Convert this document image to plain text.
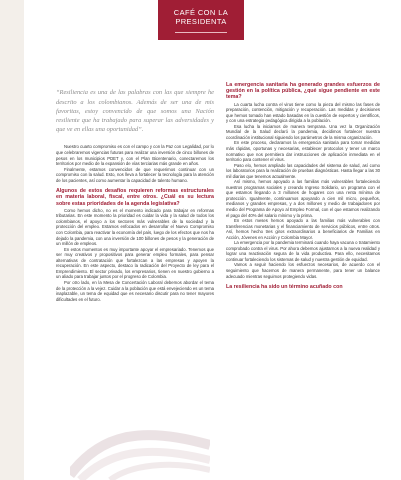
CAFÉ CON LA
PRESIDENTA

“Resiliencia es una de las palabras con las que siempre he descrito a los colombianos. Además de ser una de mis favoritas, estoy convencido de que somos una Nación resiliente que ha trabajado para superar las adversidades y que ve en ellas una oportunidad”.

Nuestro cuarto compromiso es con el campo y con la Paz con Legalidad, por lo que celebraremos vigencias futuras para realizar una inversión de cinco billones de pesos en los municipios PDET y, con el Plan Bicentenario, conectaremos los territorios por medio de la expansión de vías terciarias más grande en años.

Finalmente, estamos convencidos de que requerimos continuar con un compromiso con la salud. Esto, nos lleva a fortalecer la tecnología para la atención de los pacientes, así como aumentar la capacidad de talento humano.

Algunos de estos desafíos requieren reformas estructurales en materia laboral, fiscal, entre otros. ¿Cuál es su lectura sobre estas prioridades de la agenda legislativa?

Como hemos dicho, no es el momento indicado para trabajar en reformas tributarias. En este momento la prioridad es cuidar la vida y la salud de todos los colombianos, el apoyo a los sectores más vulnerables de la sociedad y la protección del empleo. Estamos enfocados en desarrollar el Nuevo Compromiso con Colombia, para reactivar la economía del país, luego de los efectos que nos ha dejado la pandemia, con una inversión de 100 billones de pesos y la generación de un millón de empleos.

En estos momentos es muy importante apoyar el empresariado. Tenemos que ser muy creativos y propositivos para generar empleo formales, para pensar alternativas de contratación que fortalezcan a las empresas y apoyen la recuperación. En este aspecto, destaco la radicación del Proyecto de ley para el Emprendimiento. El sector privado, los empresarios, tienen en nuestro gobierno a un aliado para trabajar juntos por el progreso de Colombia.

Por otro lado, en la Mesa de Concertación Laboral debemos abordar el tema de la protección a la vejez. Cuidar a la población que está envejeciendo es un tema inaplazable, un tema de equidad que es necesario discutir para no tener mayores dificultades en el futuro.

La emergencia sanitaria ha generado grandes esfuerzos de gestión en la política pública, ¿qué sigue pendiente en este tema?

La cuarta lucha contra el virus tiene como la pieza del mismo las fases de preparación, contención, mitigación y recuperación. Las medidas y decisiones que hemos tomado han estado basadas en la cuestión de expertos y científicos, y con una estrategia pedagógica dirigida a la población.

Esa lucha la iniciamos de manera temprana. Una vez la Organización Mundial de la Salud declaró la pandemia, decidimos fortalecer nuestra coordinación institucional siguiendo los parámetros de la misma organización.

En este proceso, declaramos la emergencia sanitaria para tomar medidas más rápidas, oportunas y necesarias, establecer protocolos y tener un marco normativo que nos permitiera dar instrucciones de aplicación inmediata en el territorio para contener el virus.

Paso elo, hemos ampliado las capacidades del sistema de salud, así como los laboratorios para la realización de pruebas diagnósticas. Hasta llegar a las 30 mil diarias que tenemos actualmente.

Así mismo, hemos apoyado a las familias más vulnerables fortaleciendo nuestros programas sociales y creando Ingreso Solidario, un programa con el que estamos llegando a 3 millones de hogares con una renta mínima de protección. Igualmente, continuamos apoyando a cien mil micro, pequeños, medianos y grandes empresas, y a dos millones y medio de trabajadores por medio del Programa de Apoyo al Empleo Formal, con el que estamos realizando el pago del 40% del salario mínimo y la prima.

En estos meses hemos apoyado a las familias más vulnerables con transferencias monetarias y el financiamiento de servicios públicos, entre otros. Así, hemos hecho tres giros extraordinarios a beneficiarios de Familias en Acción, Jóvenes en Acción y Colombia Mayor.

La emergencia por la pandemia terminará cuando haya vacuna o tratamiento comprobado contra el virus. Por ahora debemos ajustarnos a la nueva realidad y lograr una reactivación segura de la vida productiva. Para ello, necesitamos continuar fortaleciendo los sistemas de salud y nuestra gestión de equidad.

Vamos a seguir haciendo los esfuerzos necesarios, de acuerdo con el seguimiento que hacemos de manera permanente, para tener un balance adecuado mientras seguimos protegiendo vidas.

La resiliencia ha sido un término acuñado con
